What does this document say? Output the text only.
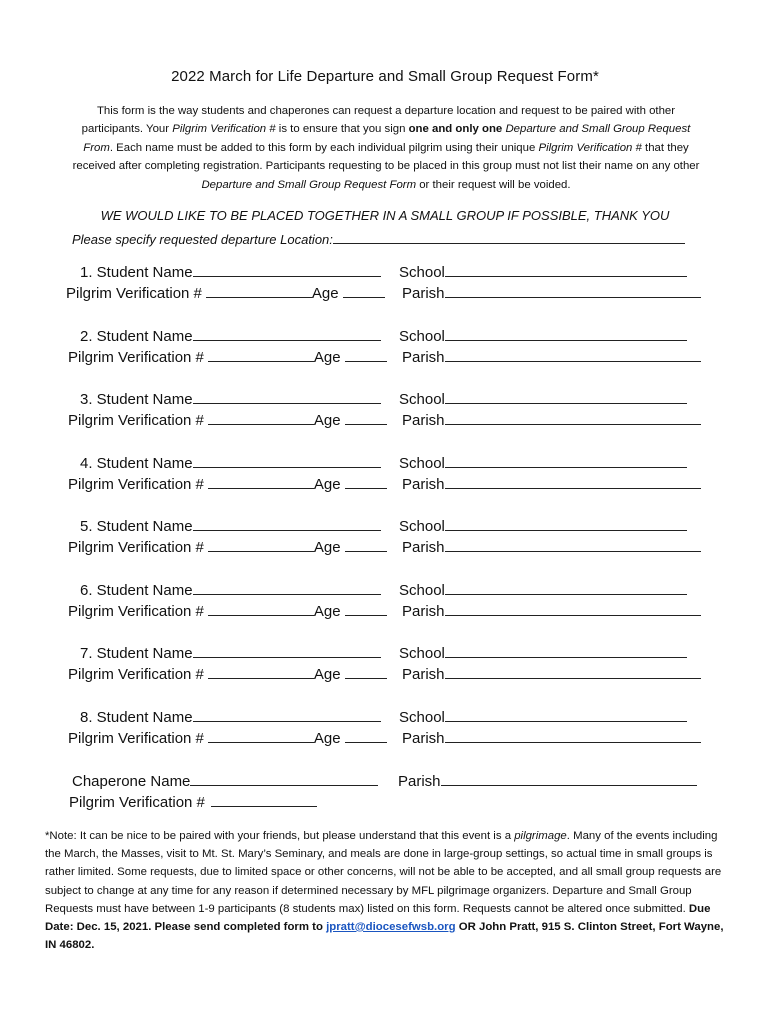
2022 March for Life Departure and Small Group Request Form*
This form is the way students and chaperones can request a departure location and request to be paired with other participants. Your Pilgrim Verification # is to ensure that you sign one and only one Departure and Small Group Request From. Each name must be added to this form by each individual pilgrim using their unique Pilgrim Verification # that they received after completing registration. Participants requesting to be placed in this group must not list their name on any other Departure and Small Group Request Form or their request will be voided.
WE WOULD LIKE TO BE PLACED TOGETHER IN A SMALL GROUP IF POSSIBLE, THANK YOU
Please specify requested departure Location:
1. Student Name	School
Pilgrim Verification #	Age	Parish
2. Student Name	School
Pilgrim Verification #	Age	Parish
3. Student Name	School
Pilgrim Verification #	Age	Parish
4. Student Name	School
Pilgrim Verification #	Age	Parish
5. Student Name	School
Pilgrim Verification #	Age	Parish
6. Student Name	School
Pilgrim Verification #	Age	Parish
7. Student Name	School
Pilgrim Verification #	Age	Parish
8. Student Name	School
Pilgrim Verification #	Age	Parish
Chaperone Name	Parish
Pilgrim Verification #
*Note: It can be nice to be paired with your friends, but please understand that this event is a pilgrimage. Many of the events including the March, the Masses, visit to Mt. St. Mary’s Seminary, and meals are done in large-group settings, so actual time in small groups is rather limited. Some requests, due to limited space or other concerns, will not be able to be accepted, and all small group requests are subject to change at any time for any reason if determined necessary by MFL pilgrimage organizers. Departure and Small Group Requests must have between 1-9 participants (8 students max) listed on this form. Requests cannot be altered once submitted. Due Date: Dec. 15, 2021. Please send completed form to jpratt@diocesefwsb.org OR John Pratt, 915 S. Clinton Street, Fort Wayne, IN 46802.
